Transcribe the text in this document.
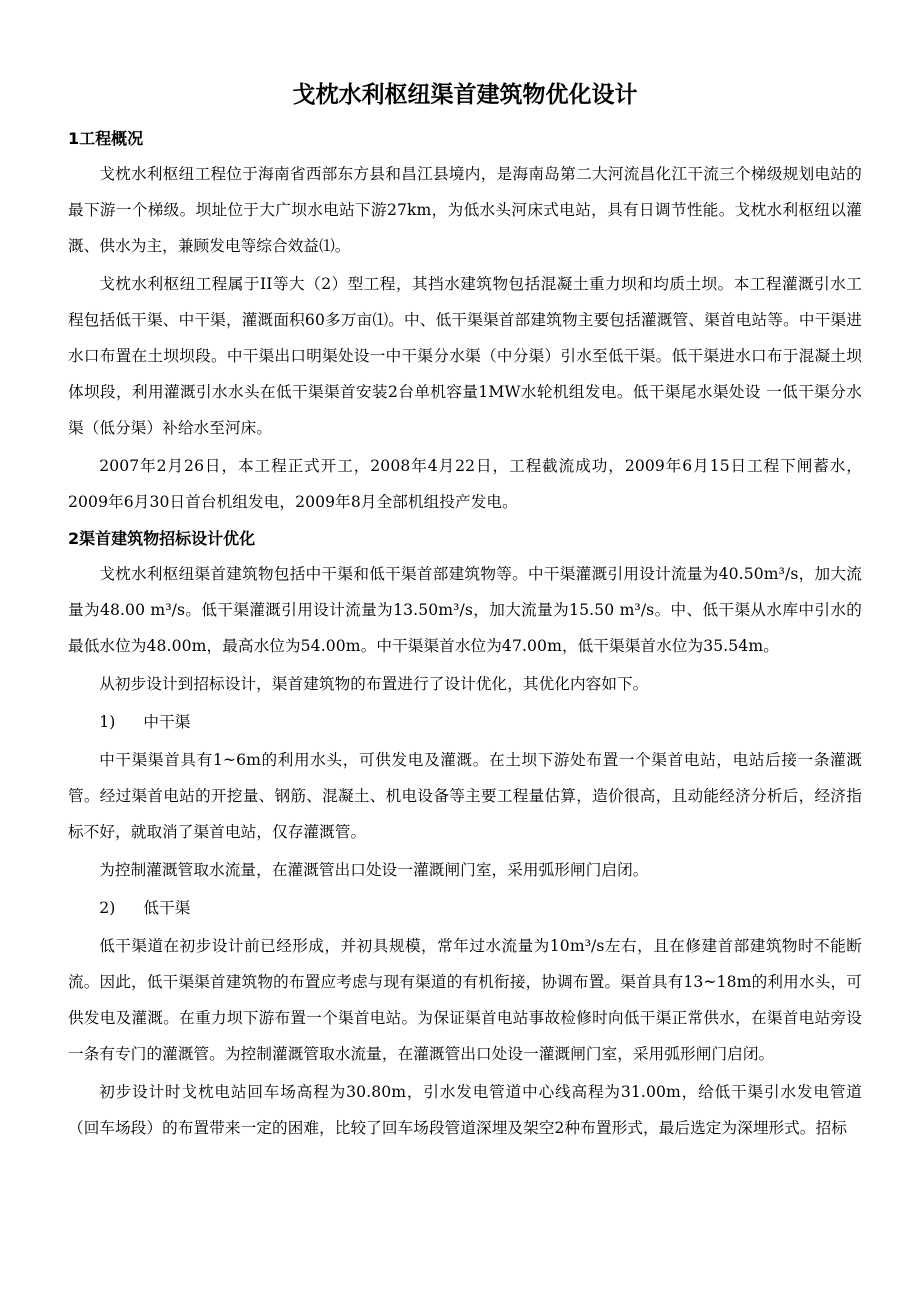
戈枕水利枢纽渠首建筑物优化设计
1工程概况

戈枕水利枢纽工程位于海南省西部东方县和昌江县境内，是海南岛第二大河流昌化江干流三个梯级规划电站的最下游一个梯级。坝址位于大广坝水电站下游27km，为低水头河床式电站，具有日调节性能。戈枕水利枢纽以灌溉、供水为主，兼顾发电等综合效益⑴。

戈枕水利枢纽工程属于II等大（2）型工程，其挡水建筑物包括混凝土重力坝和均质土坝。本工程灌溉引水工 程包括低干渠、中干渠，灌溉面积60多万亩⑴。中、低干渠渠首部建筑物主要包括灌溉管、渠首电站等。中干渠进水口布置在土坝坝段。中干渠出口明渠处设一中干渠分水渠（中分渠）引水至低干渠。低干渠进水口布于混凝土坝体坝段，利用灌溉引水水头在低干渠渠首安装2台单机容量1MW水轮机组发电。低干渠尾水渠处设 一低干渠分水渠（低分渠）补给水至河床。

2007年2月26日，本工程正式开工，2008年4月22日，工程截流成功，2009年6月15日工程下闸蓄水， 2009年6月30日首台机组发电，2009年8月全部机组投产发电。

2渠首建筑物招标设计优化

戈枕水利枢纽渠首建筑物包括中干渠和低干渠首部建筑物等。中干渠灌溉引用设计流量为40.50m³/s，加大流量为48.00 m³/s。低干渠灌溉引用设计流量为13.50m³/s，加大流量为15.50 m³/s。中、低干渠从水库中引水的最低水位为48.00m，最高水位为54.00m。中干渠渠首水位为47.00m，低干渠渠首水位为35.54m。

从初步设计到招标设计，渠首建筑物的布置进行了设计优化，其优化内容如下。

1) 中干渠

中干渠渠首具有1~6m的利用水头，可供发电及灌溉。在土坝下游处布置一个渠首电站，电站后接一条灌溉管。经过渠首电站的开挖量、钢筋、混凝土、机电设备等主要工程量估算，造价很高，且动能经济分析后，经济指标不好，就取消了渠首电站，仅存灌溉管。

为控制灌溉管取水流量，在灌溉管出口处设一灌溉闸门室，采用弧形闸门启闭。

2) 低干渠

低干渠道在初步设计前已经形成，并初具规模，常年过水流量为10m³/s左右，且在修建首部建筑物时不能断流。因此，低干渠渠首建筑物的布置应考虑与现有渠道的有机衔接，协调布置。渠首具有13~18m的利用水头，可供发电及灌溉。在重力坝下游布置一个渠首电站。为保证渠首电站事故检修时向低干渠正常供水，在渠首电站旁设一条有专门的灌溉管。为控制灌溉管取水流量，在灌溉管出口处设一灌溉闸门室，采用弧形闸门启闭。

初步设计时戈枕电站回车场高程为30.80m，引水发电管道中心线高程为31.00m，给低干渠引水发电管道（回车场段）的布置带来一定的困难，比较了回车场段管道深埋及架空2种布置形式，最后选定为深埋形式。招标
